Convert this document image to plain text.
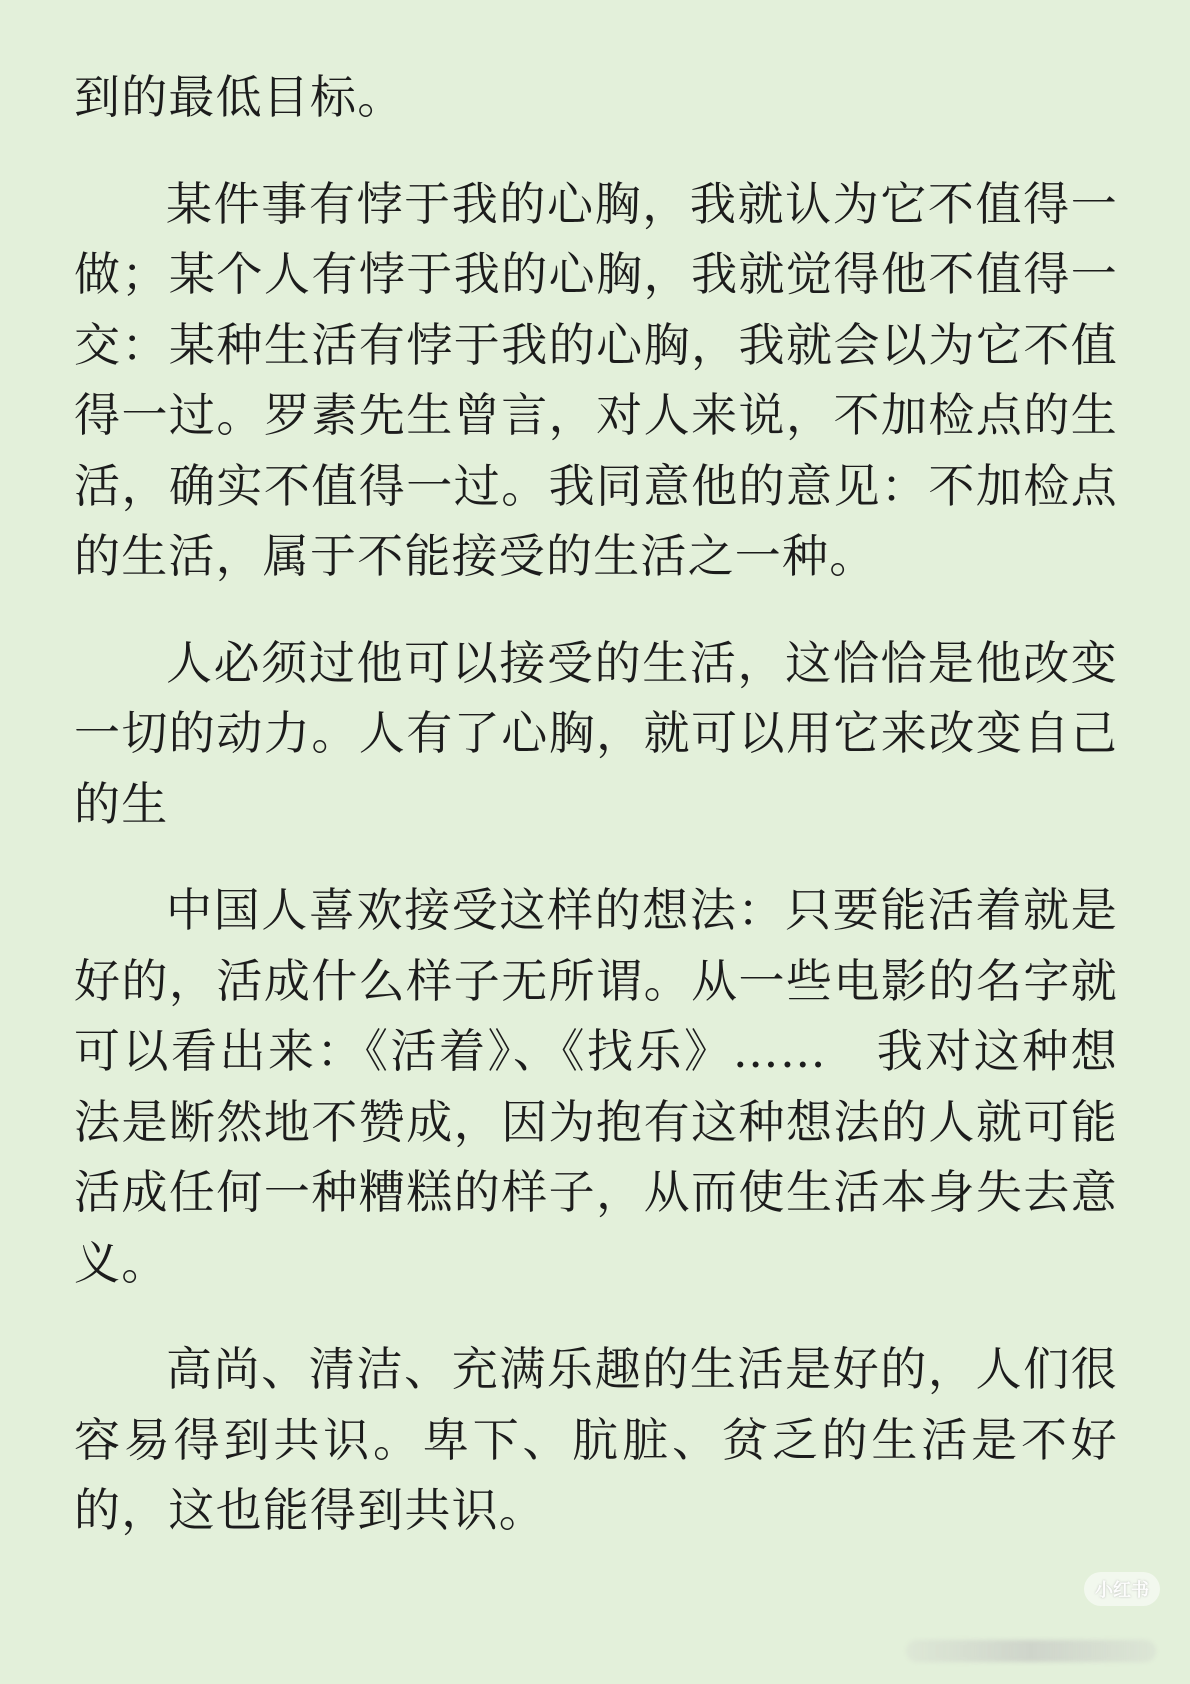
到的最低目标。

某件事有悖于我的心胸，我就认为它不值得一做；某个人有悖于我的心胸，我就觉得他不值得一交：某种生活有悖于我的心胸，我就会以为它不值得一过。罗素先生曾言，对人来说，不加检点的生活，确实不值得一过。我同意他的意见：不加检点的生活，属于不能接受的生活之一种。

人必须过他可以接受的生活，这恰恰是他改变一切的动力。人有了心胸，就可以用它来改变自己的生

中国人喜欢接受这样的想法：只要能活着就是好的，活成什么样子无所谓。从一些电影的名字就可以看出来：《活着》、《找乐》……　我对这种想法是断然地不赞成，因为抱有这种想法的人就可能活成任何一种糟糕的样子，从而使生活本身失去意义。

高尚、清洁、充满乐趣的生活是好的，人们很容易得到共识。卑下、肮脏、贫乏的生活是不好的，这也能得到共识。

小红书
